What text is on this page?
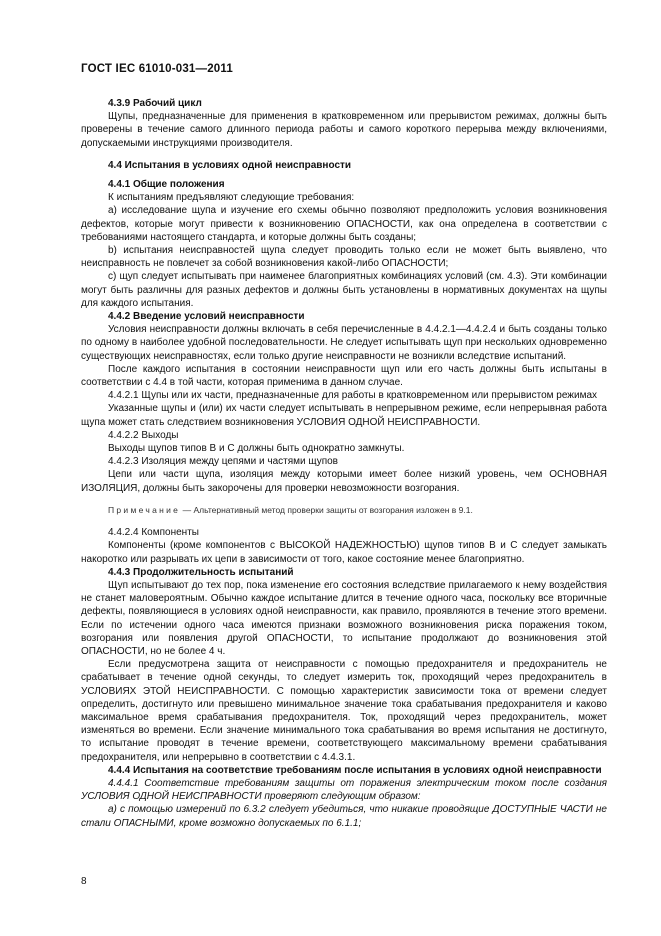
ГОСТ IEC 61010-031—2011
4.3.9 Рабочий цикл

Щупы, предназначенные для применения в кратковременном или прерывистом режимах, должны быть проверены в течение самого длинного периода работы и самого короткого перерыва между включениями, допускаемыми инструкциями производителя.

4.4 Испытания в условиях одной неисправности
4.4.1 Общие положения

К испытаниям предъявляют следующие требования:

а) исследование щупа и изучение его схемы обычно позволяют предположить условия возникновения дефектов, которые могут привести к возникновению ОПАСНОСТИ, как она определена в соответствии с требованиями настоящего стандарта, и которые должны быть созданы;

b) испытания неисправностей щупа следует проводить только если не может быть выявлено, что неисправность не повлечет за собой возникновения какой-либо ОПАСНОСТИ;

c) щуп следует испытывать при наименее благоприятных комбинациях условий (см. 4.3). Эти комбинации могут быть различны для разных дефектов и должны быть установлены в нормативных документах на щупы для каждого испытания.

4.4.2 Введение условий неисправности

Условия неисправности должны включать в себя перечисленные в 4.4.2.1—4.4.2.4 и быть созданы только по одному в наиболее удобной последовательности. Не следует испытывать щуп при нескольких одновременно существующих неисправностях, если только другие неисправности не возникли вследствие испытаний.

После каждого испытания в состоянии неисправности щуп или его часть должны быть испытаны в соответствии с 4.4 в той части, которая применима в данном случае.

4.4.2.1 Щупы или их части, предназначенные для работы в кратковременном или прерывистом режимах

Указанные щупы и (или) их части следует испытывать в непрерывном режиме, если непрерывная работа щупа может стать следствием возникновения УСЛОВИЯ ОДНОЙ НЕИСПРАВНОСТИ.

4.4.2.2 Выходы

Выходы щупов типов В и С должны быть однократно замкнуты.

4.4.2.3 Изоляция между цепями и частями щупов

Цепи или части щупа, изоляция между которыми имеет более низкий уровень, чем ОСНОВНАЯ ИЗОЛЯЦИЯ, должны быть закорочены для проверки невозможности возгорания.

Примечание — Альтернативный метод проверки защиты от возгорания изложен в 9.1.

4.4.2.4 Компоненты

Компоненты (кроме компонентов с ВЫСОКОЙ НАДЕЖНОСТЬЮ) щупов типов В и С следует замыкать накоротко или разрывать их цепи в зависимости от того, какое состояние менее благоприятно.

4.4.3 Продолжительность испытаний

Щуп испытывают до тех пор, пока изменение его состояния вследствие прилагаемого к нему воздействия не станет маловероятным. Обычно каждое испытание длится в течение одного часа, поскольку все вторичные дефекты, появляющиеся в условиях одной неисправности, как правило, проявляются в течение этого времени. Если по истечении одного часа имеются признаки возможного возникновения риска поражения током, возгорания или появления другой ОПАСНОСТИ, то испытание продолжают до возникновения этой ОПАСНОСТИ, но не более 4 ч.

Если предусмотрена защита от неисправности с помощью предохранителя и предохранитель не срабатывает в течение одной секунды, то следует измерить ток, проходящий через предохранитель в УСЛОВИЯХ ЭТОЙ НЕИСПРАВНОСТИ. С помощью характеристик зависимости тока от времени следует определить, достигнуто или превышено минимальное значение тока срабатывания предохранителя и каково максимальное время срабатывания предохранителя. Ток, проходящий через предохранитель, может изменяться во времени. Если значение минимального тока срабатывания во время испытания не достигнуто, то испытание проводят в течение времени, соответствующего максимальному времени срабатывания предохранителя, или непрерывно в соответствии с 4.4.3.1.

4.4.4 Испытания на соответствие требованиям после испытания в условиях одной неисправности

4.4.4.1 Соответствие требованиям защиты от поражения электрическим током после создания УСЛОВИЯ ОДНОЙ НЕИСПРАВНОСТИ проверяют следующим образом:

а) с помощью измерений по 6.3.2 следует убедиться, что никакие проводящие ДОСТУПНЫЕ ЧАСТИ не стали ОПАСНЫМИ, кроме возможно допускаемых по 6.1.1;

8
